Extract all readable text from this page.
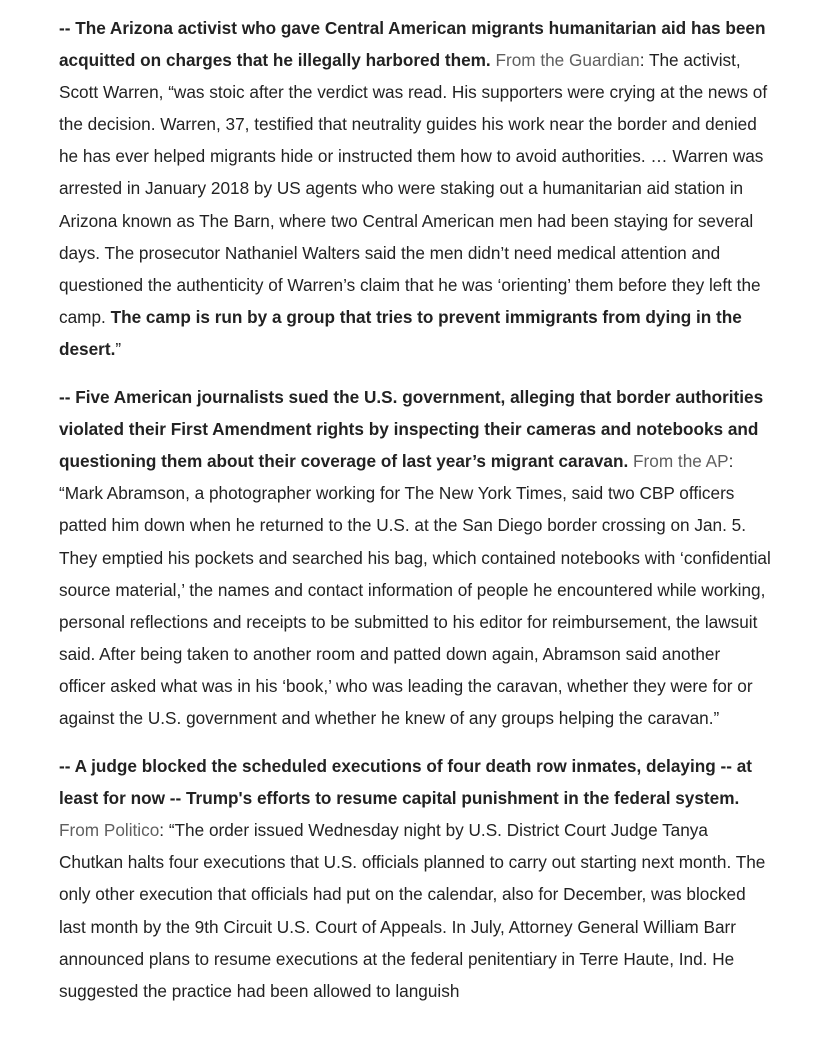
-- The Arizona activist who gave Central American migrants humanitarian aid has been acquitted on charges that he illegally harbored them. From the Guardian: The activist, Scott Warren, “was stoic after the verdict was read. His supporters were crying at the news of the decision. Warren, 37, testified that neutrality guides his work near the border and denied he has ever helped migrants hide or instructed them how to avoid authorities. … Warren was arrested in January 2018 by US agents who were staking out a humanitarian aid station in Arizona known as The Barn, where two Central American men had been staying for several days. The prosecutor Nathaniel Walters said the men didn’t need medical attention and questioned the authenticity of Warren’s claim that he was ‘orienting’ them before they left the camp. The camp is run by a group that tries to prevent immigrants from dying in the desert.”

-- Five American journalists sued the U.S. government, alleging that border authorities violated their First Amendment rights by inspecting their cameras and notebooks and questioning them about their coverage of last year’s migrant caravan. From the AP: “Mark Abramson, a photographer working for The New York Times, said two CBP officers patted him down when he returned to the U.S. at the San Diego border crossing on Jan. 5. They emptied his pockets and searched his bag, which contained notebooks with ‘confidential source material,’ the names and contact information of people he encountered while working, personal reflections and receipts to be submitted to his editor for reimbursement, the lawsuit said. After being taken to another room and patted down again, Abramson said another officer asked what was in his ‘book,’ who was leading the caravan, whether they were for or against the U.S. government and whether he knew of any groups helping the caravan.”

-- A judge blocked the scheduled executions of four death row inmates, delaying -- at least for now -- Trump's efforts to resume capital punishment in the federal system. From Politico: “The order issued Wednesday night by U.S. District Court Judge Tanya Chutkan halts four executions that U.S. officials planned to carry out starting next month. The only other execution that officials had put on the calendar, also for December, was blocked last month by the 9th Circuit U.S. Court of Appeals. In July, Attorney General William Barr announced plans to resume executions at the federal penitentiary in Terre Haute, Ind. He suggested the practice had been allowed to languish
